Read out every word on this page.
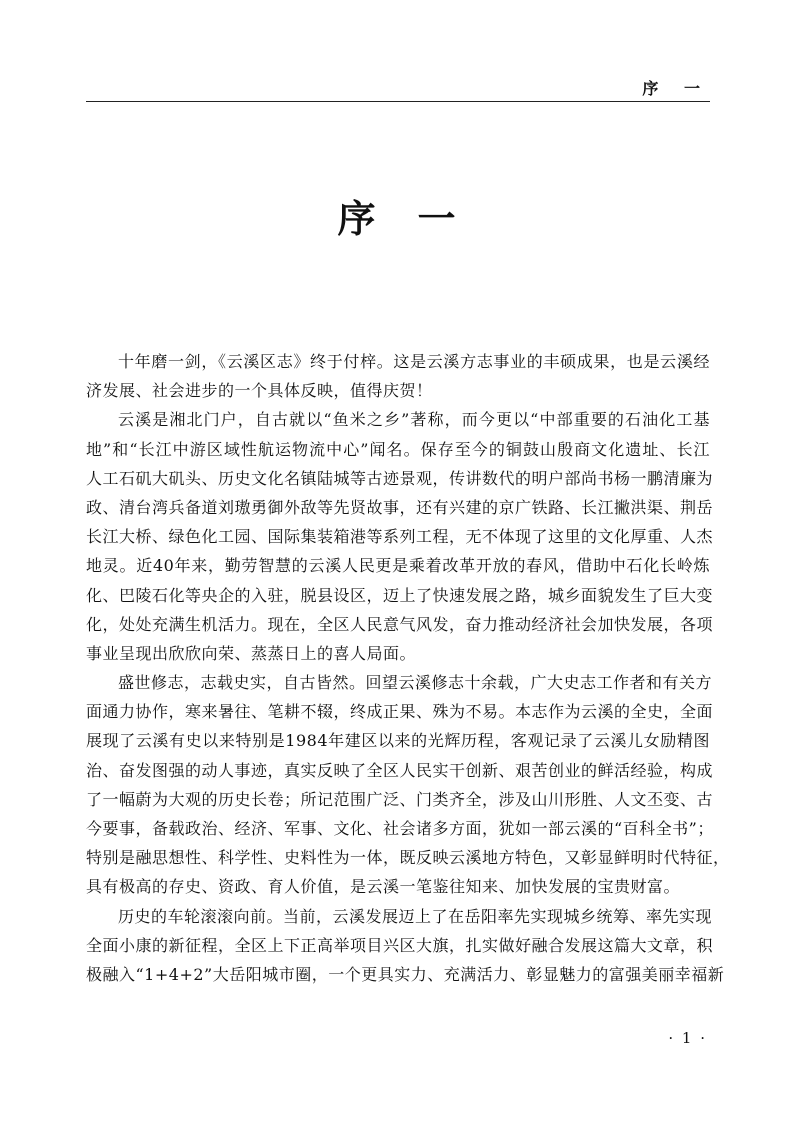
序 一
序一
十年磨一剑，《云溪区志》终于付梓。这是云溪方志事业的丰硕成果，也是云溪经
济发展、社会进步的一个具体反映，值得庆贺！
云溪是湘北门户，自古就以“鱼米之乡”著称，而今更以“中部重要的石油化工基
地”和“长江中游区域性航运物流中心”闻名。保存至今的铜鼓山殷商文化遗址、长江
人工石矶大矶头、历史文化名镇陆城等古迹景观，传讲数代的明户部尚书杨一鹏清廉为
政、清台湾兵备道刘璈勇御外敌等先贤故事，还有兴建的京广铁路、长江撇洪渠、荆岳
长江大桥、绿色化工园、国际集装箱港等系列工程，无不体现了这里的文化厚重、人杰
地灵。近40年来，勤劳智慧的云溪人民更是乘着改革开放的春风，借助中石化长岭炼
化、巴陵石化等央企的入驻，脱县设区，迈上了快速发展之路，城乡面貌发生了巨大变
化，处处充满生机活力。现在，全区人民意气风发，奋力推动经济社会加快发展，各项
事业呈现出欣欣向荣、蒸蒸日上的喜人局面。
盛世修志，志载史实，自古皆然。回望云溪修志十余载，广大史志工作者和有关方
面通力协作，寒来暑往、笔耕不辍，终成正果、殊为不易。本志作为云溪的全史，全面
展现了云溪有史以来特别是1984年建区以来的光辉历程，客观记录了云溪儿女励精图
治、奋发图强的动人事迹，真实反映了全区人民实干创新、艰苦创业的鲜活经验，构成
了一幅蔚为大观的历史长卷；所记范围广泛、门类齐全，涉及山川形胜、人文丕变、古
今要事，备载政治、经济、军事、文化、社会诸多方面，犹如一部云溪的“百科全书”；
特别是融思想性、科学性、史料性为一体，既反映云溪地方特色，又彰显鲜明时代特征，
具有极高的存史、资政、育人价值，是云溪一笔鉴往知来、加快发展的宝贵财富。
历史的车轮滚滚向前。当前，云溪发展迈上了在岳阳率先实现城乡统筹、率先实现
全面小康的新征程，全区上下正高举项目兴区大旗，扎实做好融合发展这篇大文章，积
极融入“1+4+2”大岳阳城市圈，一个更具实力、充满活力、彰显魅力的富强美丽幸福新
· 1 ·
